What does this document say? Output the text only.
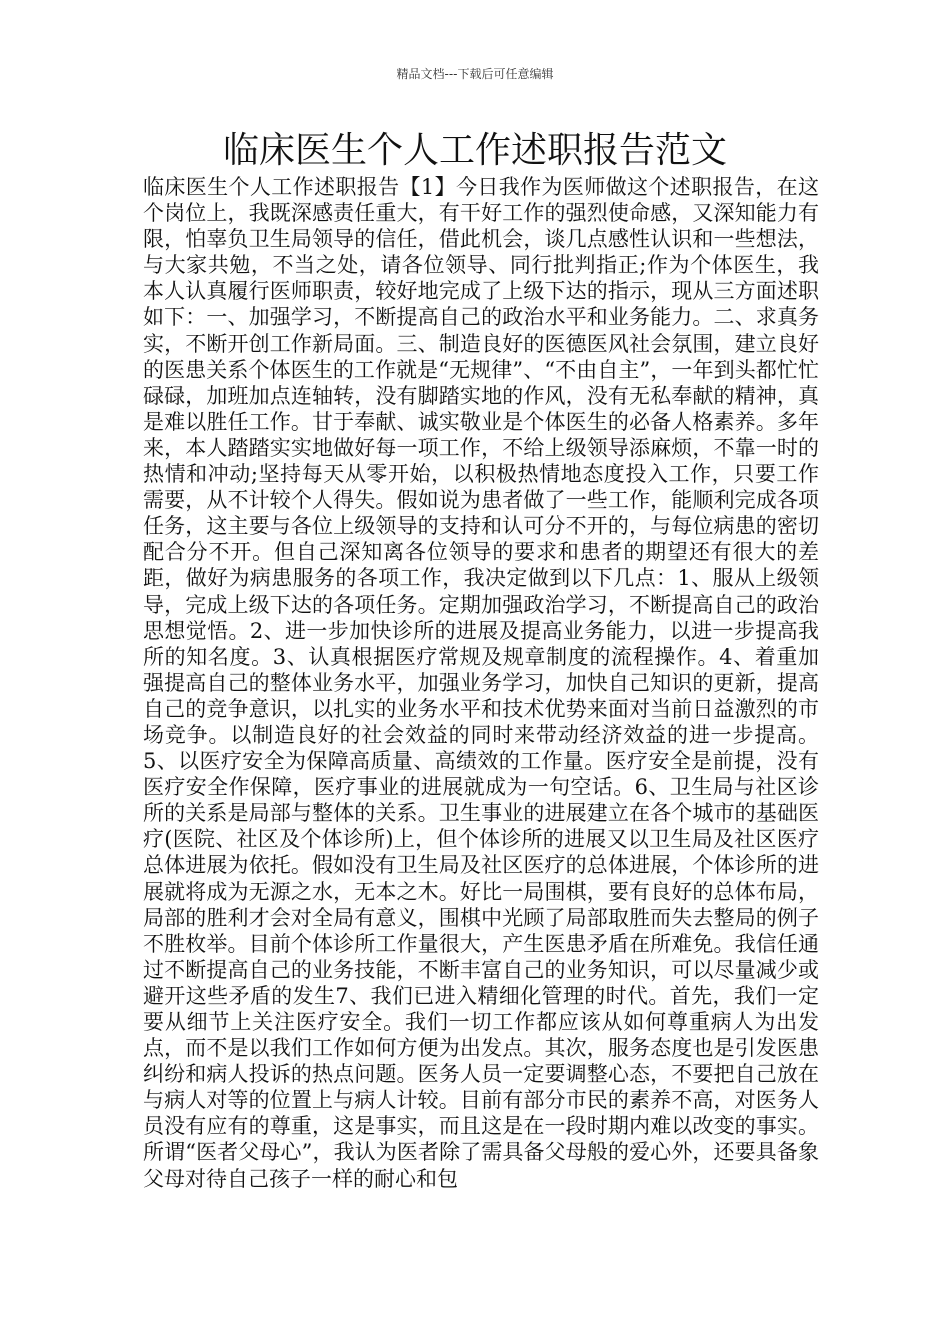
精品文档---下载后可任意编辑
临床医生个人工作述职报告范文

临床医生个人工作述职报告【1】今日我作为医师做这个述职报告，在这个岗位上，我既深感责任重大，有干好工作的强烈使命感，又深知能力有限，怕辜负卫生局领导的信任，借此机会，谈几点感性认识和一些想法，与大家共勉，不当之处，请各位领导、同行批判指正;作为个体医生，我本人认真履行医师职责，较好地完成了上级下达的指示，现从三方面述职如下：一、加强学习，不断提高自己的政治水平和业务能力。二、求真务实，不断开创工作新局面。三、制造良好的医德医风社会氛围，建立良好的医患关系个体医生的工作就是“无规律”、“不由自主”，一年到头都忙忙碌碌，加班加点连轴转，没有脚踏实地的作风，没有无私奉献的精神，真是难以胜任工作。甘于奉献、诚实敬业是个体医生的必备人格素养。多年来，本人踏踏实实地做好每一项工作，不给上级领导添麻烦，不靠一时的热情和冲动;坚持每天从零开始，以积极热情地态度投入工作，只要工作需要，从不计较个人得失。假如说为患者做了一些工作，能顺利完成各项任务，这主要与各位上级领导的支持和认可分不开的，与每位病患的密切配合分不开。但自己深知离各位领导的要求和患者的期望还有很大的差距，做好为病患服务的各项工作，我决定做到以下几点：1、服从上级领导，完成上级下达的各项任务。定期加强政治学习，不断提高自己的政治思想觉悟。2、进一步加快诊所的进展及提高业务能力，以进一步提高我所的知名度。3、认真根据医疗常规及规章制度的流程操作。4、着重加强提高自己的整体业务水平，加强业务学习，加快自己知识的更新，提高自己的竞争意识，以扎实的业务水平和技术优势来面对当前日益激烈的市场竞争。以制造良好的社会效益的同时来带动经济效益的进一步提高。5、以医疗安全为保障高质量、高绩效的工作量。医疗安全是前提，没有医疗安全作保障，医疗事业的进展就成为一句空话。6、卫生局与社区诊所的关系是局部与整体的关系。卫生事业的进展建立在各个城市的基础医疗(医院、社区及个体诊所)上，但个体诊所的进展又以卫生局及社区医疗总体进展为依托。假如没有卫生局及社区医疗的总体进展，个体诊所的进展就将成为无源之水，无本之木。好比一局围棋，要有良好的总体布局，局部的胜利才会对全局有意义，围棋中光顾了局部取胜而失去整局的例子不胜枚举。目前个体诊所工作量很大，产生医患矛盾在所难免。我信任通过不断提高自己的业务技能，不断丰富自己的业务知识，可以尽量减少或避开这些矛盾的发生7、我们已进入精细化管理的时代。首先，我们一定要从细节上关注医疗安全。我们一切工作都应该从如何尊重病人为出发点，而不是以我们工作如何方便为出发点。其次，服务态度也是引发医患纠纷和病人投诉的热点问题。医务人员一定要调整心态，不要把自己放在与病人对等的位置上与病人计较。目前有部分市民的素养不高，对医务人员没有应有的尊重，这是事实，而且这是在一段时期内难以改变的事实。所谓“医者父母心”，我认为医者除了需具备父母般的爱心外，还要具备象父母对待自己孩子一样的耐心和包
